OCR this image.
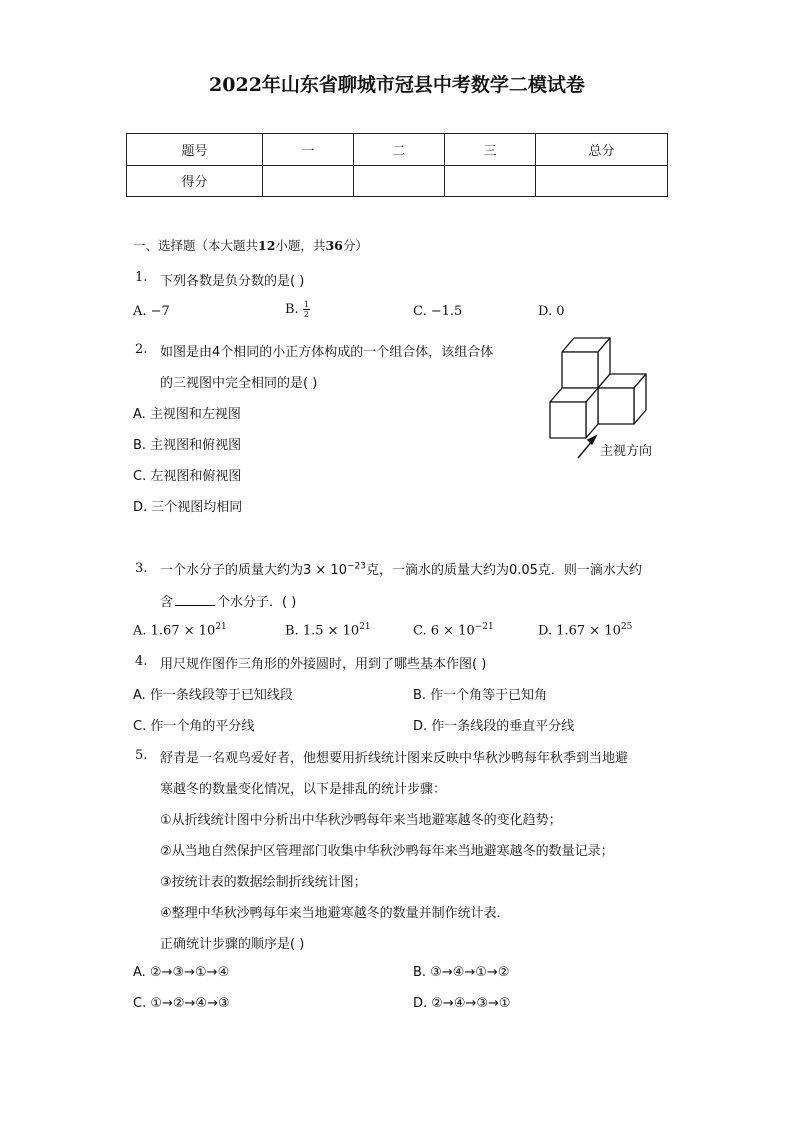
2022年山东省聊城市冠县中考数学二模试卷
题号	一	二	三	总分
得分				
一、选择题（本大题共12小题，共36分）
1. 下列各数是负分数的是( )
A. −7	B. $\frac{1}{2}$	C. −1.5	D. 0
2. 如图是由4个相同的小正方体构成的一个组合体，该组合体
的三视图中完全相同的是( )
A. 主视图和左视图
B. 主视图和俯视图
C. 左视图和俯视图
D. 三个视图均相同
主视方向
3. 一个水分子的质量大约为$3 \times 10^{-23}$克，一滴水的质量大约为0.05克．则一滴水大约
含	个水分子．( )
A. $1.67 \times 10^{21}$	B. $1.5 \times 10^{21}$	C. $6 \times 10^{-21}$	D. $1.67 \times 10^{25}$
4. 用尺规作图作三角形的外接圆时，用到了哪些基本作图( )
A. 作一条线段等于已知线段	B. 作一个角等于已知角
C. 作一个角的平分线	D. 作一条线段的垂直平分线
5. 舒青是一名观鸟爱好者，他想要用折线统计图来反映中华秋沙鸭每年秋季到当地避
寒越冬的数量变化情况，以下是排乱的统计步骤：
①从折线统计图中分析出中华秋沙鸭每年来当地避寒越冬的变化趋势；
②从当地自然保护区管理部门收集中华秋沙鸭每年来当地避寒越冬的数量记录；
③按统计表的数据绘制折线统计图；
④整理中华秋沙鸭每年来当地避寒越冬的数量并制作统计表．
正确统计步骤的顺序是( )
A. ②→③→①→④	B. ③→④→①→②
C. ①→②→④→③	D. ②→④→③→①
